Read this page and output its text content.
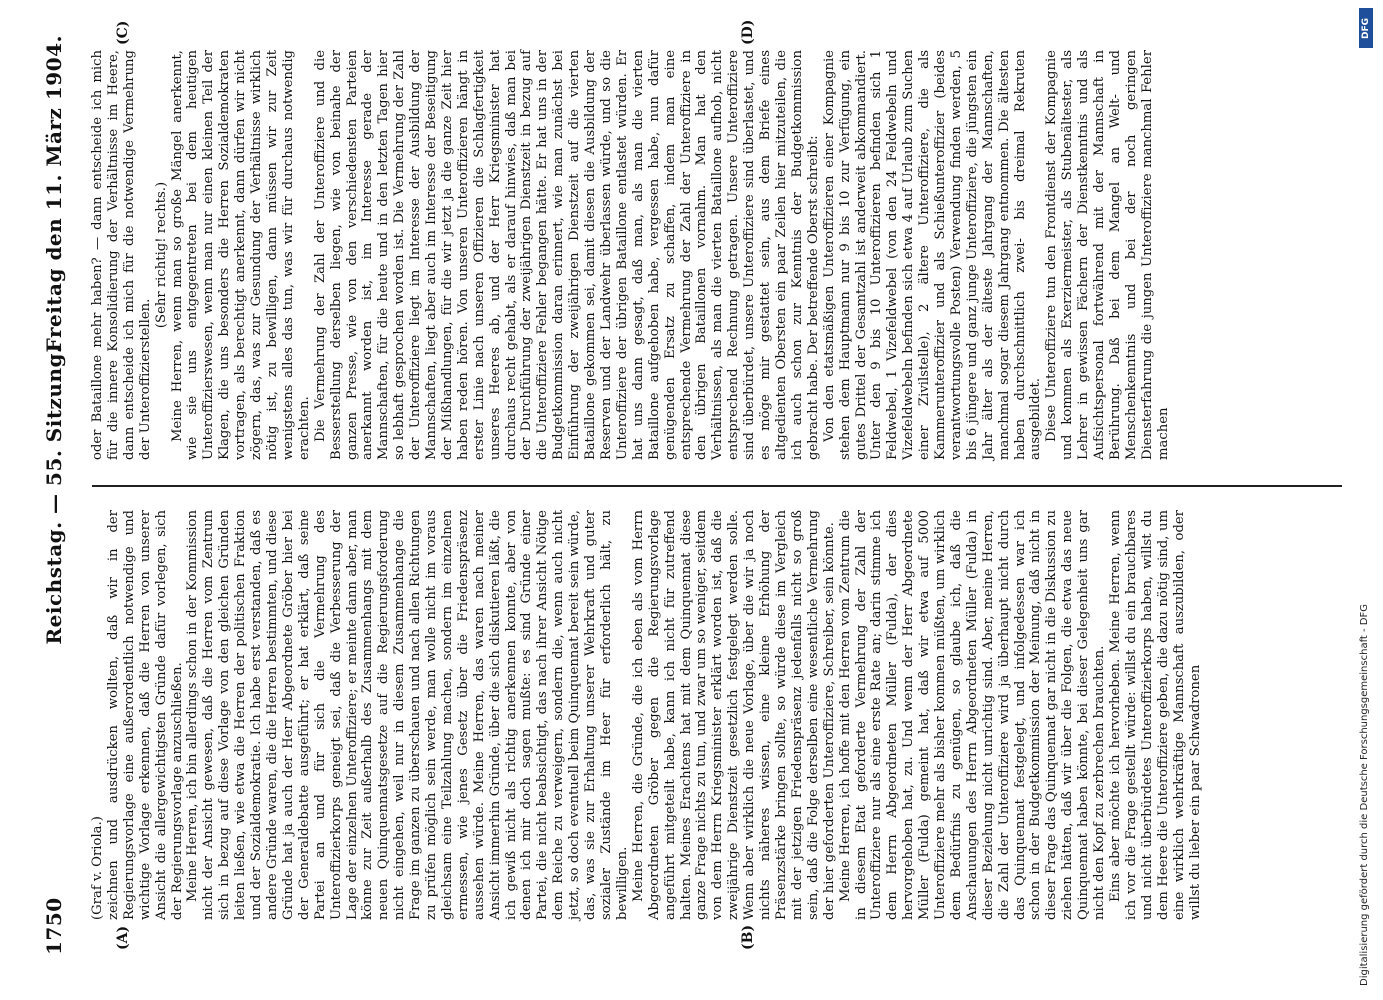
1750
Reichstag. — 55. Sitzung.
Freitag den 11. März 1904.
(A)	(B)
(C)	(D)

(Graf v. Oriola.) zeichnen und ausdrücken wollten, daß wir in der Regierungsvorlage eine außerordentlich notwendige und wichtige Vorlage erkennen, daß die Herren von unserer Ansicht die allergewichtigsten Gründe dafür vorlegen, sich der Regierungsvorlage anzuschließen. Meine Herren, ich bin allerdings schon in der Kommission nicht der Ansicht gewesen, daß die Herren vom Zentrum sich in bezug auf diese Vorlage von den gleichen Gründen leiten ließen, wie etwa die Herren der politischen Fraktion und der Sozialdemokratie. Ich habe erst verstanden, daß es andere Gründe waren, die die Herren bestimmten, und diese Gründe hat ja auch der Herr Abgeordnete Gröber hier bei der Generaldebatte ausgeführt; er hat erklärt, daß seine Partei an und für sich die Vermehrung des Unteroffizierkorps geneigt sei, daß die Verbesserung der Lage der einzelnen Unteroffiziere; er meinte dann aber, man könne zur Zeit außerhalb des Zusammenhangs mit dem neuen Quinquennatsgesetze auf die Regierungsforderung nicht eingehen, weil nur in diesem Zusammenhange die Frage im ganzen zu überschauen und nach allen Richtungen zu prüfen möglich sein werde, man wolle nicht im voraus gleichsam eine Teilzahlung machen, sondern im einzelnen ermessen, wie jenes Gesetz über die Friedenspräsenz aussehen würde. Meine Herren, das waren nach meiner Ansicht immerhin Gründe, über die sich diskutieren läßt, die ich gewiß nicht als richtig anerkennen konnte, aber von denen ich mir doch sagen mußte: es sind Gründe einer Partei, die nicht beabsichtigt, das nach ihrer Ansicht Nötige dem Reiche zu verweigern, sondern die, wenn auch nicht jetzt, so doch eventuell beim Quinquennat bereit sein würde, das, was sie zur Erhaltung unserer Wehrkraft und guter sozialer Zustände im Heer für erforderlich hält, zu bewilligen. Meine Herren, die Gründe, die ich eben als vom Herrn Abgeordneten Gröber gegen die Regierungsvorlage angeführt mitgeteilt habe, kann ich nicht für zutreffend halten. Meines Erachtens hat mit dem Quinquennat diese ganze Frage nichts zu tun, und zwar um so weniger, seitdem von dem Herrn Kriegsminister erklärt worden ist, daß die zweijährige Dienstzeit gesetzlich festgelegt werden solle. Wenn aber wirklich die neue Vorlage, über die wir ja noch nichts näheres wissen, eine kleine Erhöhung der Präsenzstärke bringen sollte, so würde diese im Vergleich mit der jetzigen Friedenspräsenz jedenfalls nicht so groß sein, daß die Folge derselben eine wesentliche Vermehrung der hier geforderten Unteroffiziere, Schreiber, sein könnte. Meine Herren, ich hoffe mit den Herren vom Zentrum die in diesem Etat geforderte Vermehrung der Zahl der Unteroffiziere nur als eine erste Rate an; darin stimme ich dem Herrn Abgeordneten Müller (Fulda), der dies hervorgehoben hat, zu. Und wenn der Herr Abgeordnete Müller (Fulda) gemeint hat, daß wir etwa auf 5000 Unteroffiziere mehr als bisher kommen müßten, um wirklich dem Bedürfnis zu genügen, so glaube ich, daß die Anschauungen des Herrn Abgeordneten Müller (Fulda) in dieser Beziehung nicht unrichtig sind. Aber, meine Herren, die Zahl der Unteroffiziere wird ja überhaupt nicht durch das Quinquennat festgelegt, und infolgedessen war ich schon in der Budgetkommission der Meinung, daß nicht in dieser Frage das Quinquennat gar nicht in die Diskussion zu ziehen hätten, daß wir über die Folgen, die etwa das neue Quinquennat haben könnte, bei dieser Gelegenheit uns gar nicht den Kopf zu zerbrechen brauchten. Eins aber möchte ich hervorheben. Meine Herren, wenn ich vor die Frage gestellt würde: willst du ein brauchbares und nicht überbürdetes Unteroffizierkorps haben, willst du dem Heere die Unteroffiziere geben, die dazu nötig sind, um eine wirklich wehrkräftige Mannschaft auszubilden, oder willst du lieber ein paar Schwadronen

oder Bataillone mehr haben? — dann entscheide ich mich für die innere Konsolidierung der Verhältnisse im Heere, dann entscheide ich mich für die notwendige Vermehrung der Unteroffizierstellen.

(Sehr richtig! rechts.) Meine Herren, wenn man so große Mängel anerkennt, wie sie uns entgegentreten bei dem heutigen Unteroffizierswesen, wenn man nur einen kleinen Teil der Klagen, die uns besonders die Herren Sozialdemokraten vortragen, als berechtigt anerkennt, dann dürfen wir nicht zögern, das, was zur Gesundung der Verhältnisse wirklich nötig ist, zu bewilligen, dann müssen wir zur Zeit wenigstens alles das tun, was wir für durchaus notwendig erachten. Die Vermehrung der Zahl der Unteroffiziere und die Besserstellung derselben liegen, wie von beinahe der ganzen Presse, wie von den verschiedensten Parteien anerkannt worden ist, im Interesse gerade der Mannschaften, für die heute und in den letzten Tagen hier so lebhaft gesprochen worden ist. Die Vermehrung der Zahl der Unteroffiziere liegt im Interesse der Ausbildung der Mannschaften, liegt aber auch im Interesse der Beseitigung der Mißhandlungen, für die wir jetzt ja die ganze Zeit hier haben reden hören. Von unseren Unteroffizieren hängt in erster Linie nach unseren Offizieren die Schlagfertigkeit unseres Heeres ab, und der Herr Kriegsminister hat durchaus recht gehabt, als er darauf hinwies, daß man bei der Durchführung der zweijährigen Dienstzeit in bezug auf die Unteroffiziere Fehler begangen hätte. Er hat uns in der Budgetkommission daran erinnert, wie man zunächst bei Einführung der zweijährigen Dienstzeit auf die vierten Bataillone gekommen sei, damit diesen die Ausbildung der Reserven und der Landwehr überlassen würde, und so die Unteroffiziere der übrigen Bataillone entlastet würden. Er hat uns dann gesagt, daß man, als man die vierten Bataillone aufgehoben habe, vergessen habe, nun dafür genügenden Ersatz zu schaffen, indem man eine entsprechende Vermehrung der Zahl der Unteroffiziere in den übrigen Bataillonen vornahm. Man hat den Verhältnissen, als man die vierten Bataillone aufhob, nicht entsprechend Rechnung getragen. Unsere Unteroffiziere sind überbürdet, unsere Unteroffiziere sind überlastet, und es möge mir gestattet sein, aus dem Briefe eines altgedienten Obersten ein paar Zeilen hier mitzuteilen, die ich auch schon zur Kenntnis der Budgetkommission gebracht habe. Der betreffende Oberst schreibt: Von den etatsmäßigen Unteroffizieren einer Kompagnie stehen dem Hauptmann nur 9 bis 10 zur Verfügung, ein gutes Drittel der Gesamtzahl ist anderweit abkommandiert. Unter den 9 bis 10 Unteroffizieren befinden sich 1 Feldwebel, 1 Vizefeldwebel (von den 24 Feldwebeln und Vizefeldwebeln befinden sich etwa 4 auf Urlaub zum Suchen einer Zivilstelle), 2 ältere Unteroffiziere, die als Kammerunteroffizier und als Schießunteroffizier (beides verantwortungsvolle Posten) Verwendung finden werden, 5 bis 6 jüngere und ganz junge Unteroffiziere, die jüngsten ein Jahr älter als der älteste Jahrgang der Mannschaften, manchmal sogar diesem Jahrgang entnommen. Die ältesten haben durchschnittlich zwei- bis dreimal Rekruten ausgebildet. Diese Unteroffiziere tun den Frontdienst der Kompagnie und kommen als Exerziermeister, als Stubenältester, als Lehrer in gewissen Fächern der Dienstkenntnis und als Aufsichtspersonal fortwährend mit der Mannschaft in Berührung. Daß bei dem Mangel an Welt- und Menschenkenntnis und bei der noch geringen Diensterfahrung die jungen Unteroffiziere manchmal Fehler machen

DFG
Digitalisierung gefördert durch die Deutsche Forschungsgemeinschaft - DFG
